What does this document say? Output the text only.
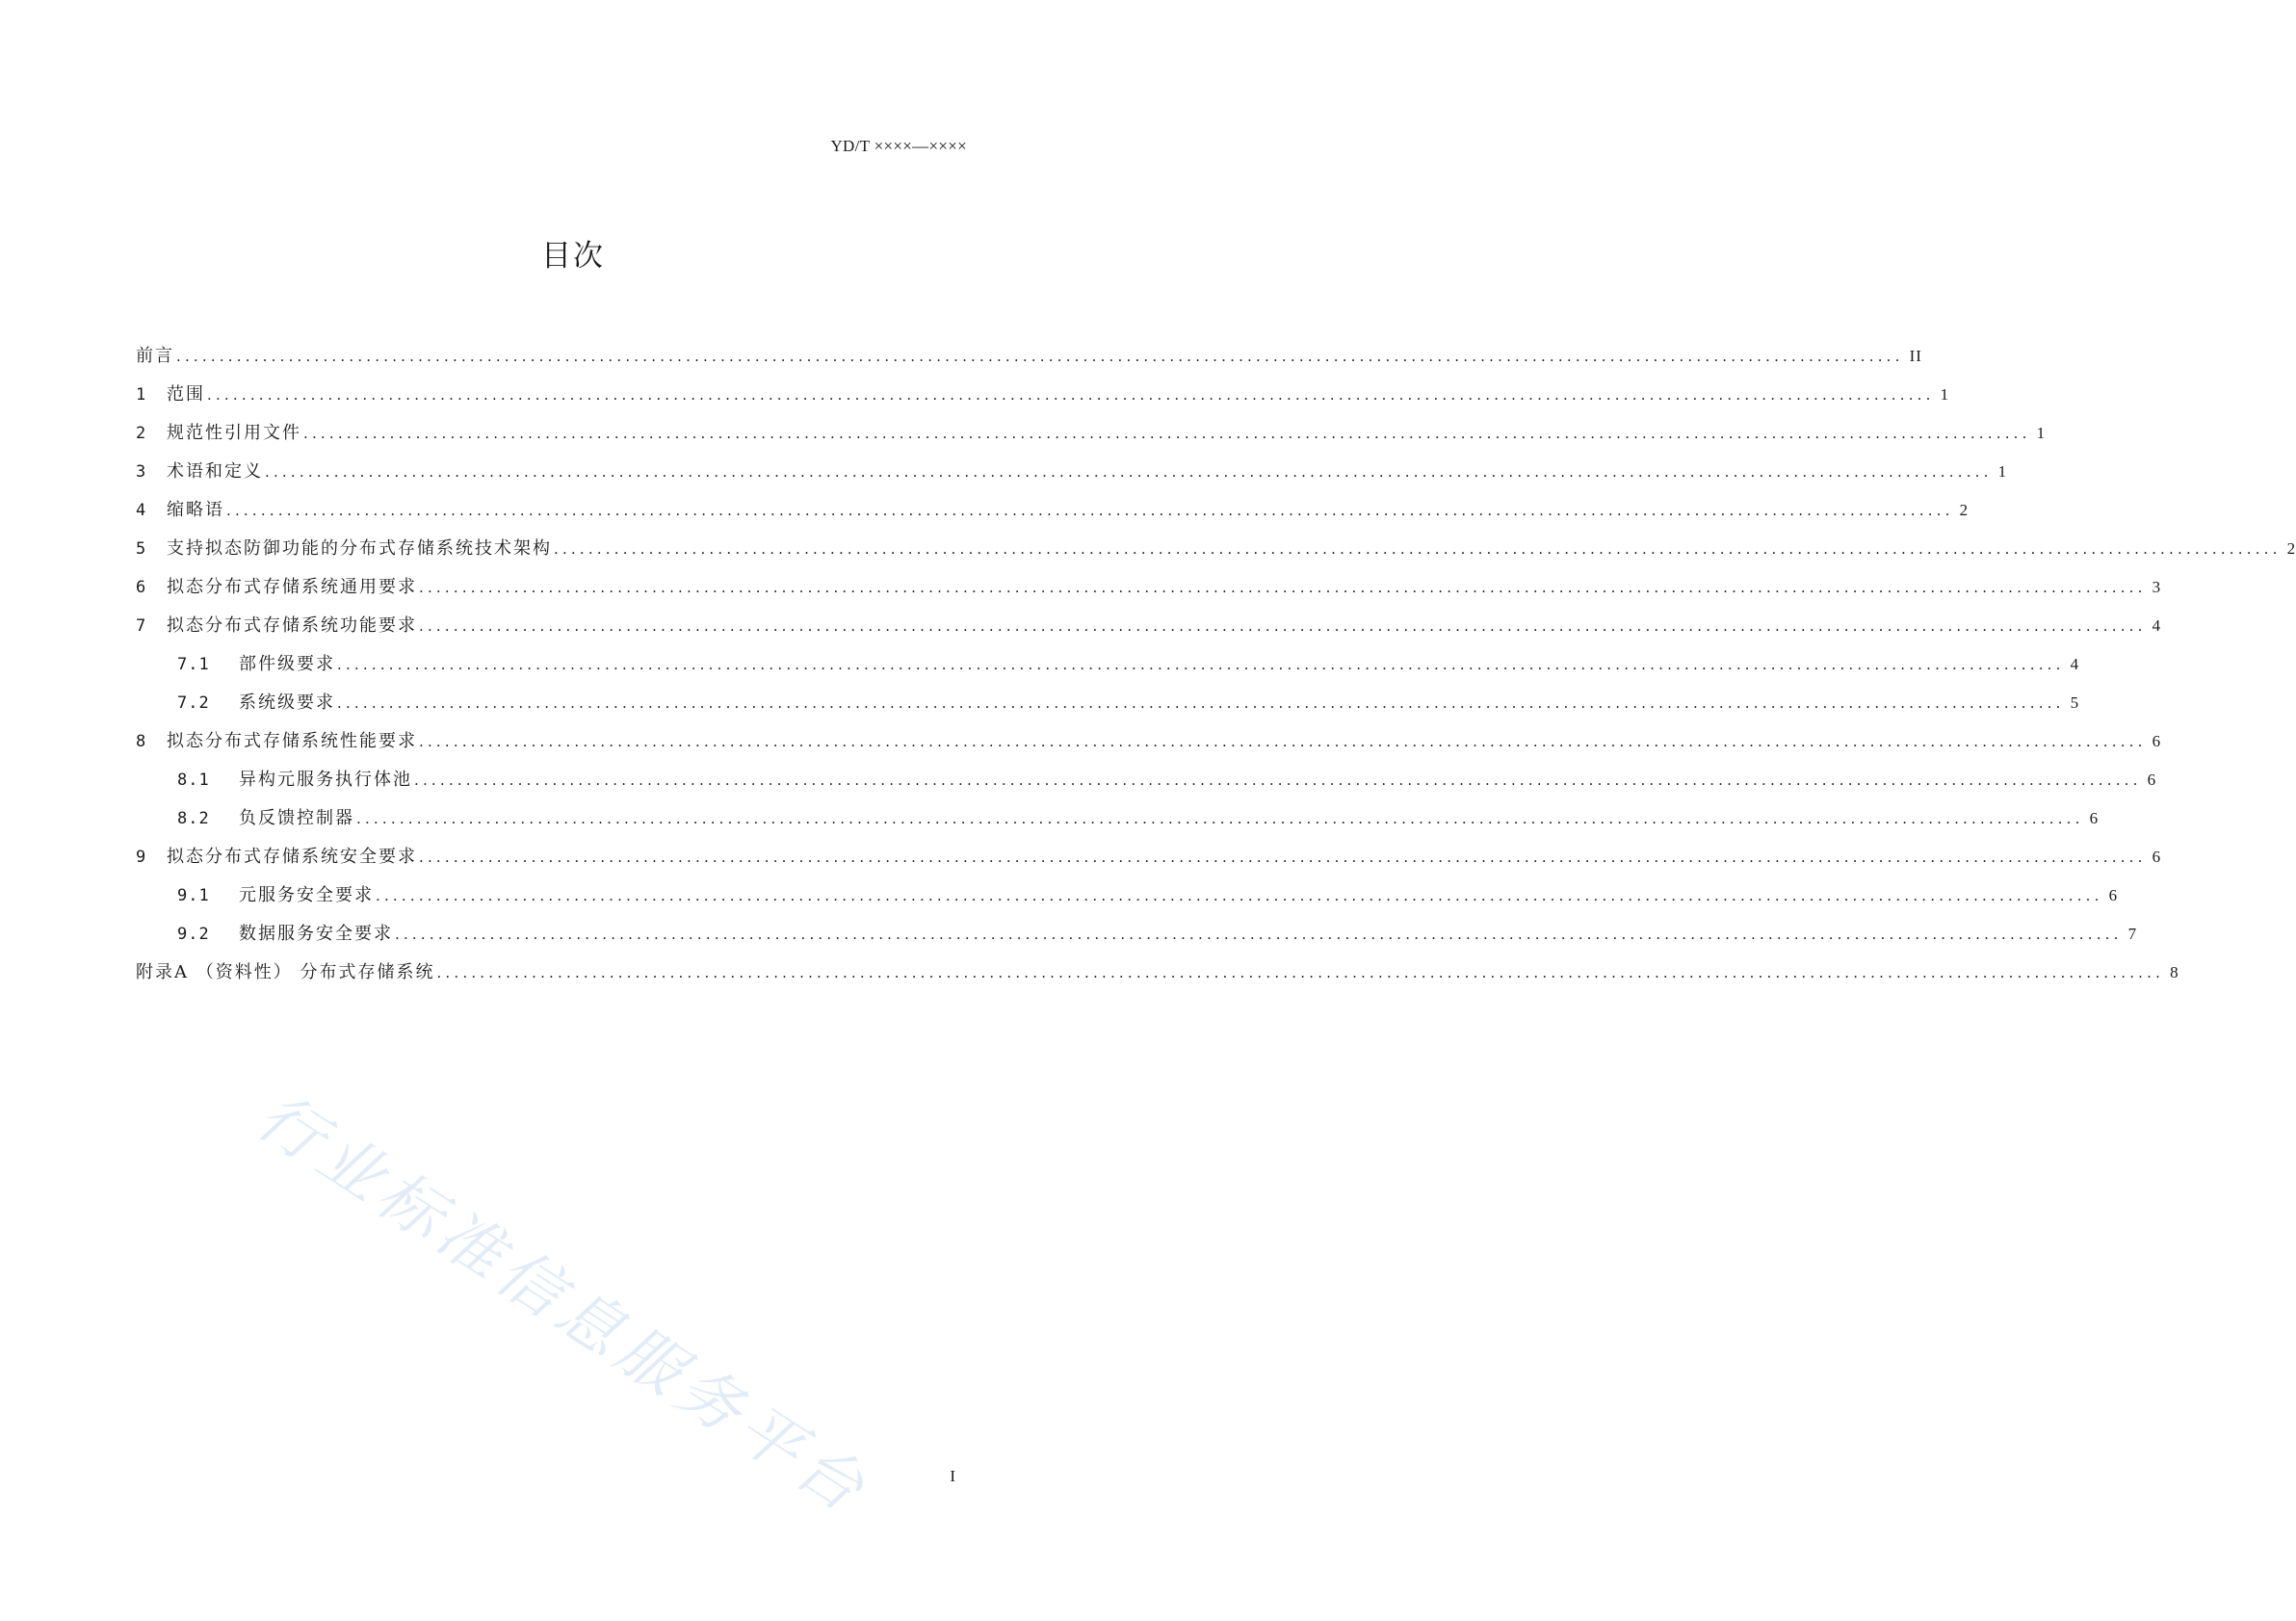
YD/T ××××—××××
目次
前言 ........................................................................................................................................................................................................ II
1	范围 ........................................................................................................................................................................................................ 1
2	规范性引用文件 ........................................................................................................................................................................................................ 1
3	术语和定义 ........................................................................................................................................................................................................ 1
4	缩略语 ........................................................................................................................................................................................................ 2
5	支持拟态防御功能的分布式存储系统技术架构 ........................................................................................................................................................................................................ 2
6	拟态分布式存储系统通用要求 ........................................................................................................................................................................................................ 3
7	拟态分布式存储系统功能要求 ........................................................................................................................................................................................................ 4
7.1	部件级要求 ........................................................................................................................................................................................................ 4
7.2	系统级要求 ........................................................................................................................................................................................................ 5
8	拟态分布式存储系统性能要求 ........................................................................................................................................................................................................ 6
8.1	异构元服务执行体池 ........................................................................................................................................................................................................ 6
8.2	负反馈控制器 ........................................................................................................................................................................................................ 6
9	拟态分布式存储系统安全要求 ........................................................................................................................................................................................................ 6
9.1	元服务安全要求 ........................................................................................................................................................................................................ 6
9.2	数据服务安全要求 ........................................................................................................................................................................................................ 7
附录A （资料性） 分布式存储系统 ........................................................................................................................................................................................................ 8
行业标准信息服务平台	I
